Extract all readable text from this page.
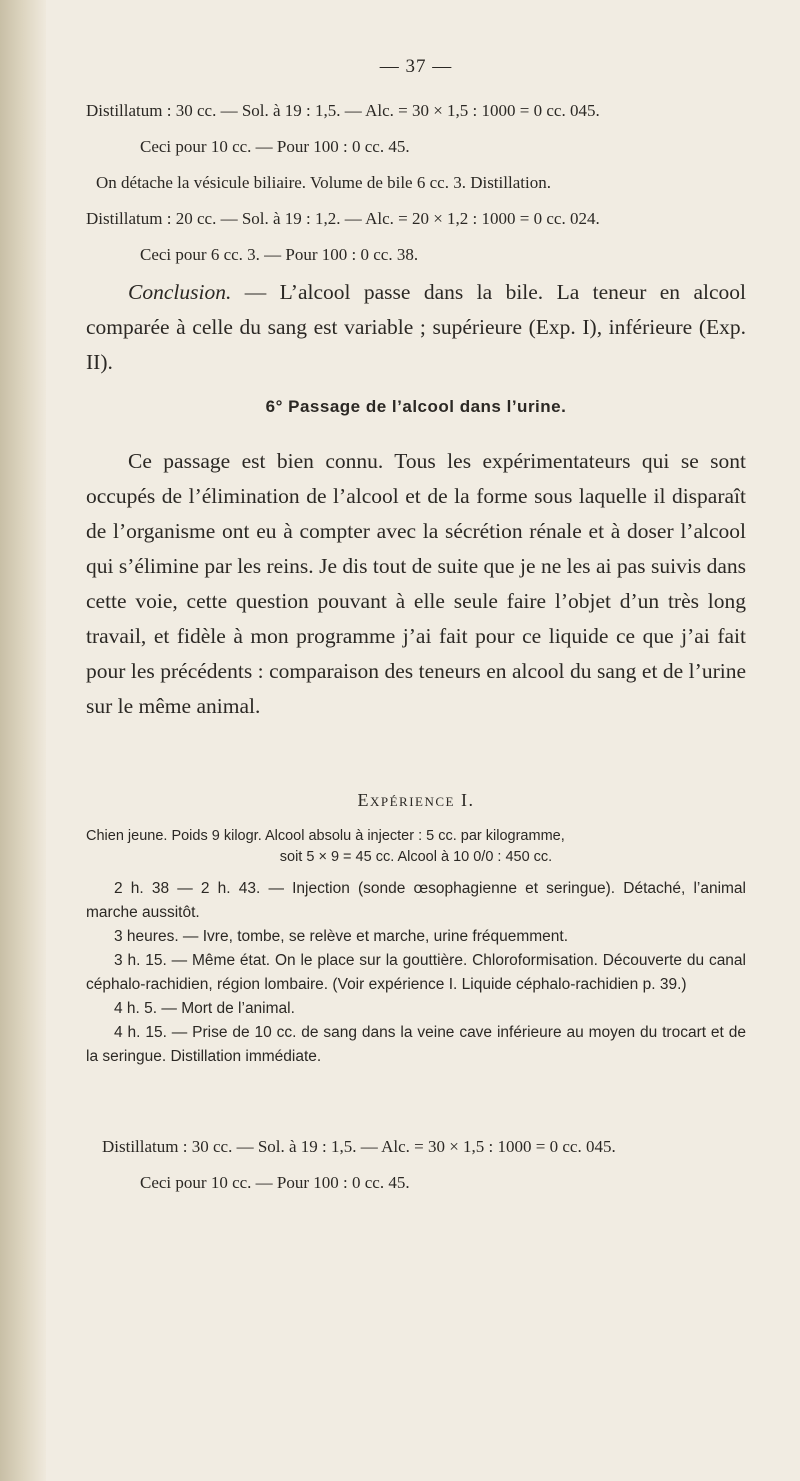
— 37 —

Distillatum : 30 cc. — Sol. à 19 : 1,5. — Alc. = 30 × 1,5 : 1000 = 0 cc. 045.

Ceci pour 10 cc. — Pour 100 : 0 cc. 45.

On détache la vésicule biliaire. Volume de bile 6 cc. 3. Distillation.

Distillatum : 20 cc. — Sol. à 19 : 1,2. — Alc. = 20 × 1,2 : 1000 = 0 cc. 024.

Ceci pour 6 cc. 3. — Pour 100 : 0 cc. 38.

Conclusion. — L’alcool passe dans la bile. La teneur en alcool comparée à celle du sang est variable ; supérieure (Exp. I), inférieure (Exp. II).

6° Passage de l’alcool dans l’urine.

Ce passage est bien connu. Tous les expérimentateurs qui se sont occupés de l’élimination de l’alcool et de la forme sous laquelle il disparaît de l’organisme ont eu à compter avec la sécrétion rénale et à doser l’alcool qui s’élimine par les reins. Je dis tout de suite que je ne les ai pas suivis dans cette voie, cette question pouvant à elle seule faire l’objet d’un très long travail, et fidèle à mon programme j’ai fait pour ce liquide ce que j’ai fait pour les précédents : comparaison des teneurs en alcool du sang et de l’urine sur le même animal.

Expérience I.

Chien jeune. Poids 9 kilogr. Alcool absolu à injecter : 5 cc. par kilogramme,

soit 5 × 9 = 45 cc. Alcool à 10 0/0 : 450 cc.

2 h. 38 — 2 h. 43. — Injection (sonde œsophagienne et seringue). Détaché, l’animal marche aussitôt.

3 heures. — Ivre, tombe, se relève et marche, urine fréquemment.

3 h. 15. — Même état. On le place sur la gouttière. Chloroformisation. Découverte du canal céphalo-rachidien, région lombaire. (Voir expérience I. Liquide céphalo-rachidien p. 39.)

4 h. 5. — Mort de l’animal.

4 h. 15. — Prise de 10 cc. de sang dans la veine cave inférieure au moyen du trocart et de la seringue. Distillation immédiate.

Distillatum : 30 cc. — Sol. à 19 : 1,5. — Alc. = 30 × 1,5 : 1000 = 0 cc. 045.

Ceci pour 10 cc. — Pour 100 : 0 cc. 45.
